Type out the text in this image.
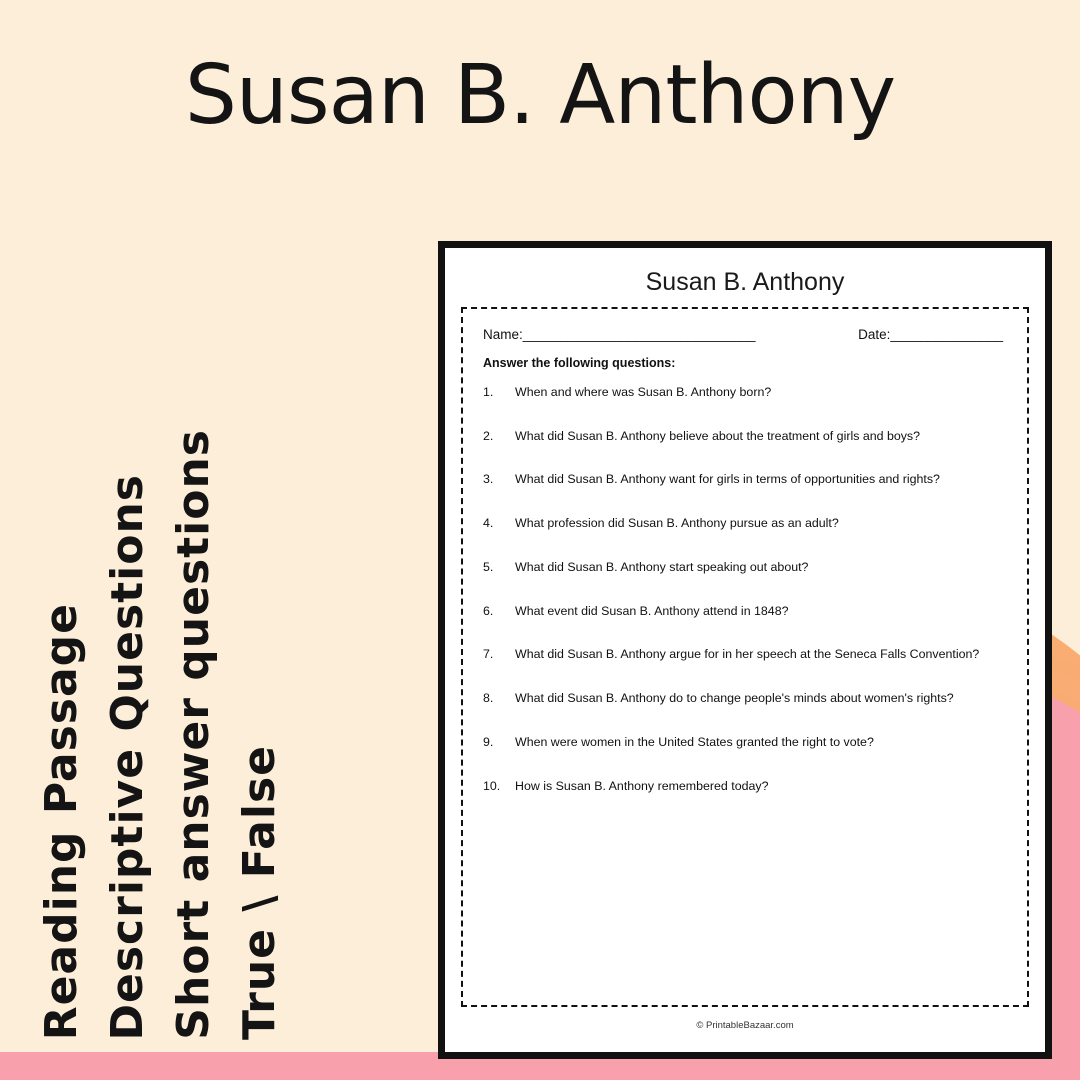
Susan B. Anthony
Reading Passage Descriptive Questions Short answer questions True \ False
Susan B. Anthony
Name:_______________________________	Date:_______________
Answer the following questions:
1.	When and where was Susan B. Anthony born?
2.	What did Susan B. Anthony believe about the treatment of girls and boys?
3.	What did Susan B. Anthony want for girls in terms of opportunities and rights?
4.	What profession did Susan B. Anthony pursue as an adult?
5.	What did Susan B. Anthony start speaking out about?
6.	What event did Susan B. Anthony attend in 1848?
7.	What did Susan B. Anthony argue for in her speech at the Seneca Falls Convention?
8.	What did Susan B. Anthony do to change people's minds about women's rights?
9.	When were women in the United States granted the right to vote?
10.	How is Susan B. Anthony remembered today?
© PrintableBazaar.com
